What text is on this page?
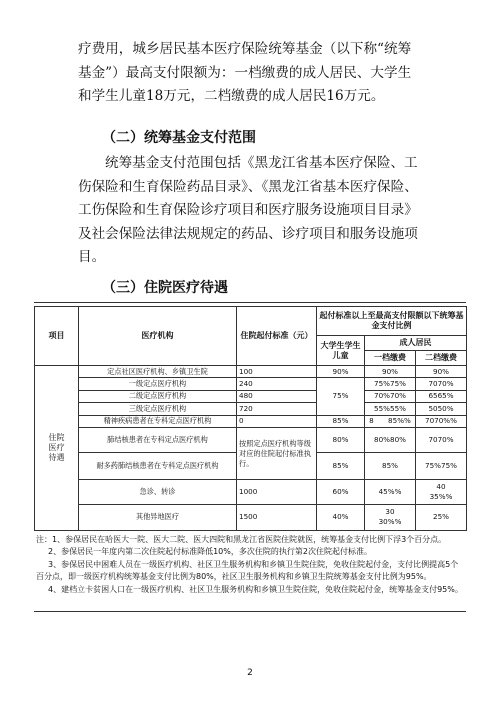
疗费用，城乡居民基本医疗保险统筹基金（以下称“统筹
基金”）最高支付限额为：一档缴费的成人居民、大学生
和学生儿童18万元，二档缴费的成人居民16万元。
（二）统筹基金支付范围
统筹基金支付范围包括《黑龙江省基本医疗保险、工
伤保险和生育保险药品目录》、《黑龙江省基本医疗保险、
工伤保险和生育保险诊疗项目和医疗服务设施项目目录》
及社会保险法律法规规定的药品、诊疗项目和服务设施项
目。
（三）住院医疗待遇
项目	医疗机构	住院起付标准（元）	起付标准以上至最高支付限额以下统筹基金支付比例		
			大学生学生儿童	成人居民	
				一档缴费	二档缴费
住院医疗待遇	定点社区医疗机构、乡镇卫生院	100	90%	90%	90%
	一级定点医疗机构	240	75%	75%75%	7070%
	二级定点医疗机构	480		70%70%	6565%
	三级定点医疗机构	720		55%55%	5050%
	精神疾病患者在专科定点医疗机构	0	85%	8　　85%%	7070%%
	肺结核患者在专科定点医疗机构	按照定点医疗机构等级对应的住院起付标准执行。	80%	80%80%	7070%
	耐多药肺结核患者在专科定点医疗机构		85%	85%	75%75%
	急诊、转诊	1000	60%	45%%	40　　35%%
	其他异地医疗	1500	40%	30　　30%%	25%

注：1、参保居民在哈医大一院、医大二院、医大四院和黑龙江省医院住院就医，统筹基金支付比例下浮3个百分点。

2、参保居民一年度内第二次住院起付标准降低10%，多次住院的执行第2次住院起付标准。

3、参保居民中困难人员在一级医疗机构、社区卫生服务机构和乡镇卫生院住院，免收住院起付金，支付比例提高5个百分点，即一级医疗机构统筹基金支付比例为80%，社区卫生服务机构和乡镇卫生院统筹基金支付比例为95%。

4、建档立卡贫困人口在一级医疗机构、社区卫生服务机构和乡镇卫生院住院，免收住院起付金，统筹基金支付95%。

2
